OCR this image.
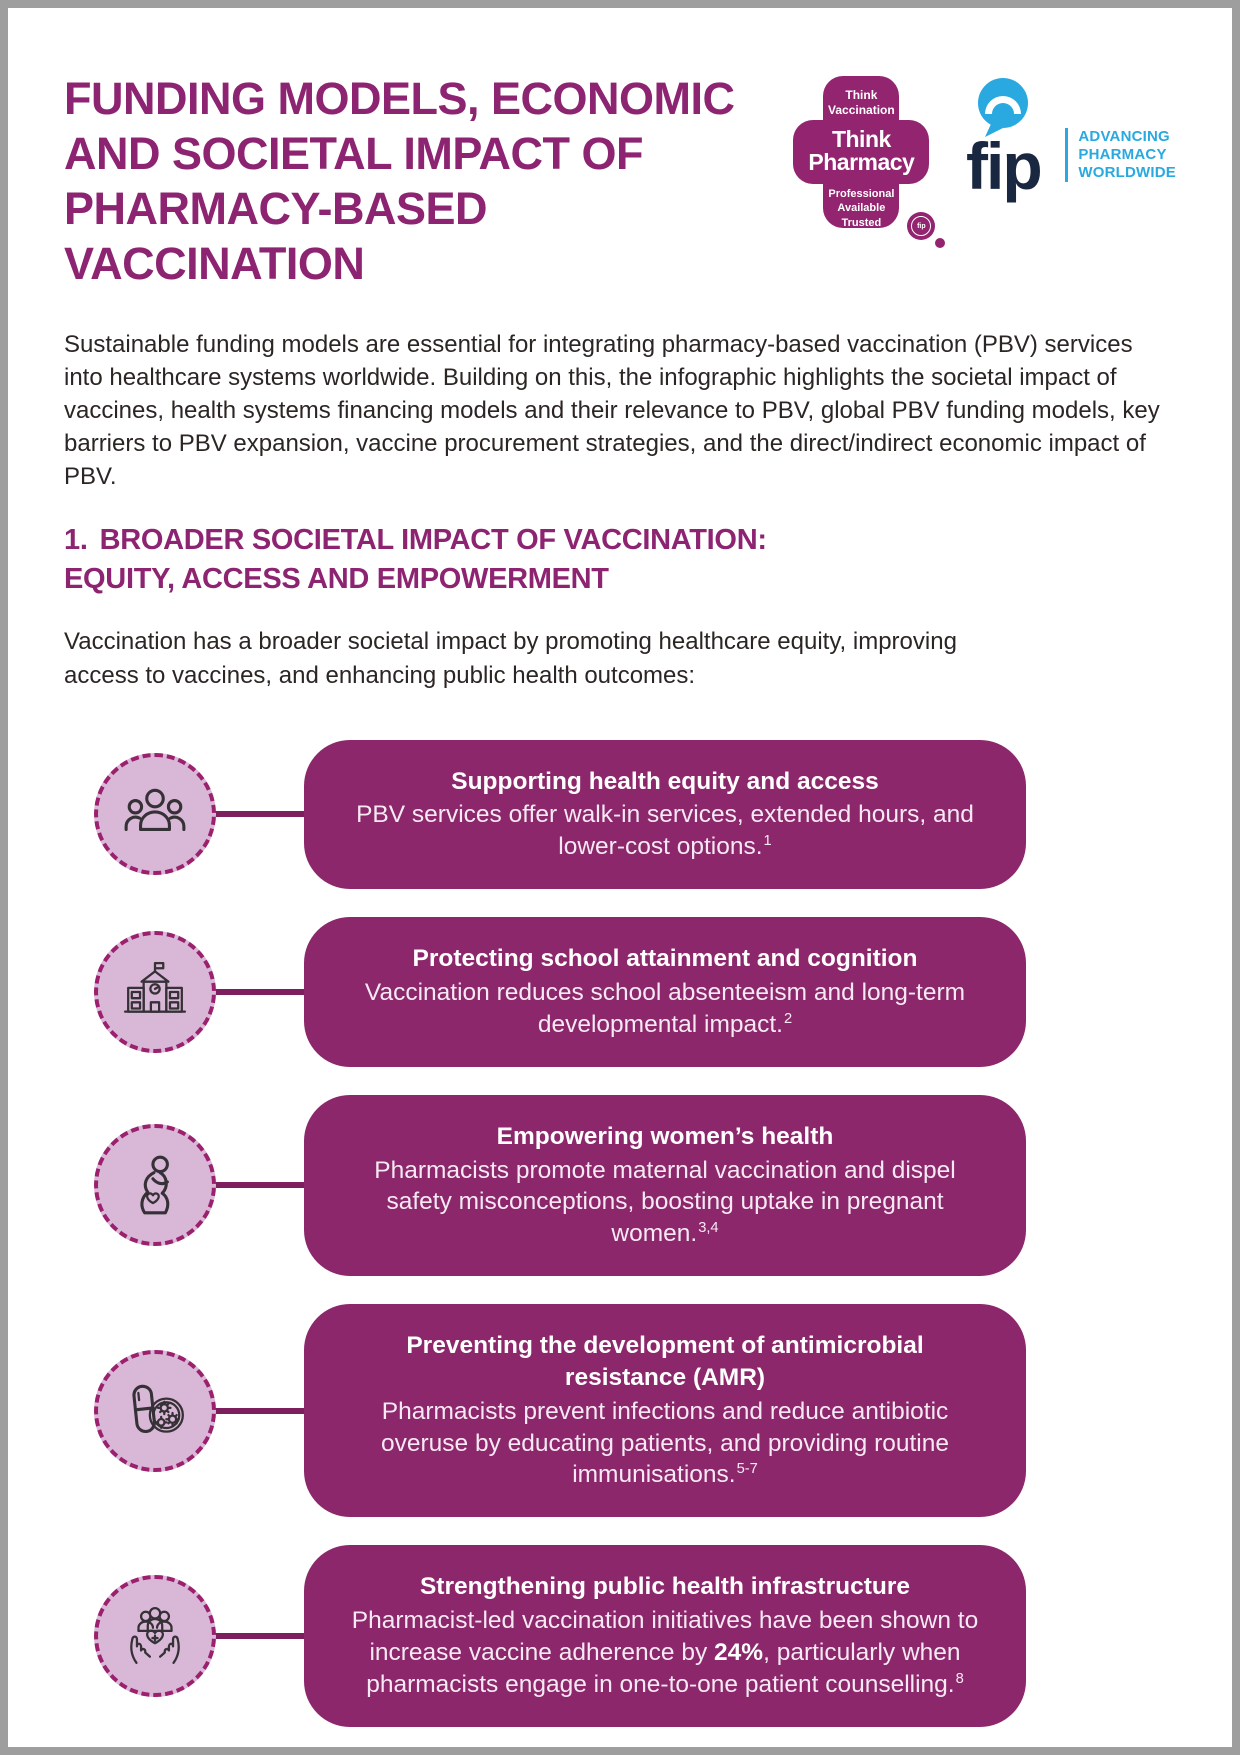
FUNDING MODELS, ECONOMIC
AND SOCIETAL IMPACT OF
PHARMACY-BASED VACCINATION
Think
Vaccination
Think
Pharmacy
Professional
Available
Trusted	fip
fip	ADVANCING
PHARMACY
WORLDWIDE

Sustainable funding models are essential for integrating pharmacy-based vaccination (PBV) services into healthcare systems worldwide. Building on this, the infographic highlights the societal impact of vaccines, health systems financing models and their relevance to PBV, global PBV funding models, key barriers to PBV expansion, vaccine procurement strategies, and the direct/indirect economic impact of PBV.

1. BROADER SOCIETAL IMPACT OF VACCINATION:
EQUITY, ACCESS AND EMPOWERMENT

Vaccination has a broader societal impact by promoting healthcare equity, improving access to vaccines, and enhancing public health outcomes:

Supporting health equity and access
PBV services offer walk-in services, extended hours, and lower-cost options.$^1$
Protecting school attainment and cognition
Vaccination reduces school absenteeism and long-term developmental impact.$^2$
Empowering women’s health
Pharmacists promote maternal vaccination and dispel safety misconceptions, boosting uptake in pregnant women.$^{3,4}$
Preventing the development of antimicrobial resistance (AMR)
Pharmacists prevent infections and reduce antibiotic overuse by educating patients, and providing routine immunisations.$^{5-7}$
Strengthening public health infrastructure
Pharmacist-led vaccination initiatives have been shown to increase vaccine adherence by 24%, particularly when pharmacists engage in one-to-one patient counselling.$^8$
